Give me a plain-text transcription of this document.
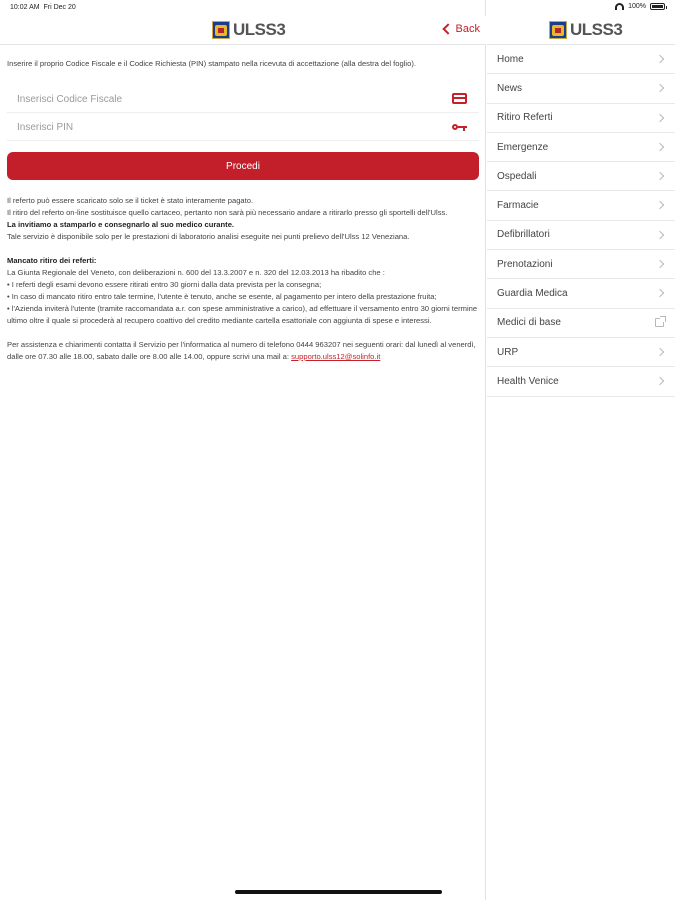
10:02 AM Fri Dec 20	100%
ULSS3	Back

Inserire il proprio Codice Fiscale e il Codice Richiesta (PIN) stampato nella ricevuta di accettazione (alla destra del foglio).

Inserisci Codice Fiscale
Inserisci PIN
Procedi

Il referto può essere scaricato solo se il ticket è stato interamente pagato.

Il ritiro del referto on-line sostituisce quello cartaceo, pertanto non sarà più necessario andare a ritirarlo presso gli sportelli dell'Ulss.

La invitiamo a stamparlo e consegnarlo al suo medico curante.

Tale servizio è disponibile solo per le prestazioni di laboratorio analisi eseguite nei punti prelievo dell'Ulss 12 Veneziana.

Mancato ritiro dei referti:

La Giunta Regionale del Veneto, con deliberazioni n. 600 del 13.3.2007 e n. 320 del 12.03.2013 ha ribadito che :

• I referti degli esami devono essere ritirati entro 30 giorni dalla data prevista per la consegna;

• In caso di mancato ritiro entro tale termine, l'utente è tenuto, anche se esente, al pagamento per intero della prestazione fruita;

• l'Azienda inviterà l'utente (tramite raccomandata a.r. con spese amministrative a carico), ad effettuare il versamento entro 30 giorni termine ultimo oltre il quale si procederà al recupero coattivo del credito mediante cartella esattoriale con aggiunta di spese e interessi.

Per assistenza e chiarimenti contatta il Servizio per l'informatica al numero di telefono 0444 963207 nei seguenti orari: dal lunedì al venerdì, dalle ore 07.30 alle 18.00, sabato dalle ore 8.00 alle 14.00, oppure scrivi una mail a: supporto.ulss12@solinfo.it

ULSS3
Home
News
Ritiro Referti
Emergenze
Ospedali
Farmacie
Defibrillatori
Prenotazioni
Guardia Medica
Medici di base
URP
Health Venice
